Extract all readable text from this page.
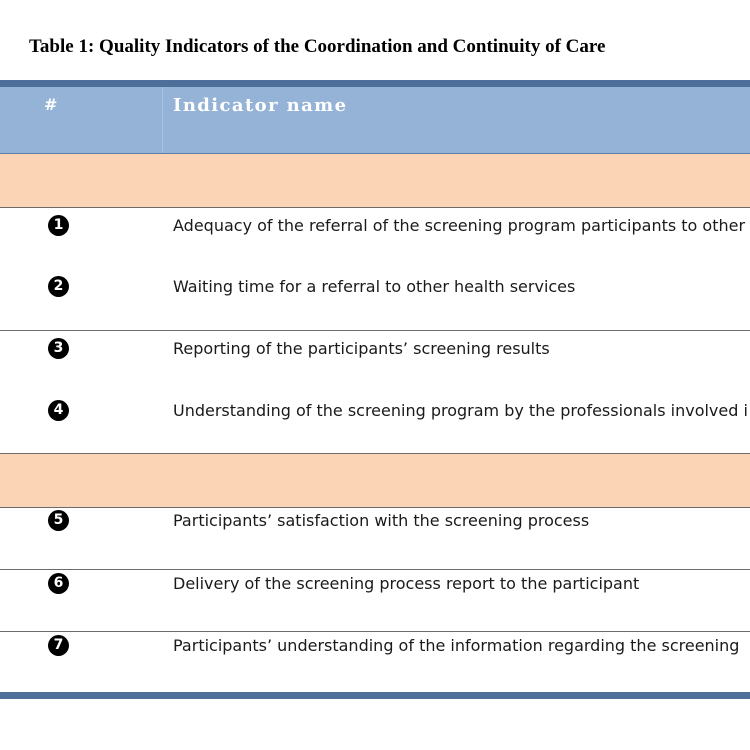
Table 1: Quality Indicators of the Coordination and Continuity of Care
#	Indicator name
1	Adequacy of the referral of the screening program participants to other
2	Waiting time for a referral to other health services
3	Reporting of the participants’ screening results
4	Understanding of the screening program by the professionals involved i
5	Participants’ satisfaction with the screening process
6	Delivery of the screening process report to the participant
7	Participants’ understanding of the information regarding the screening
